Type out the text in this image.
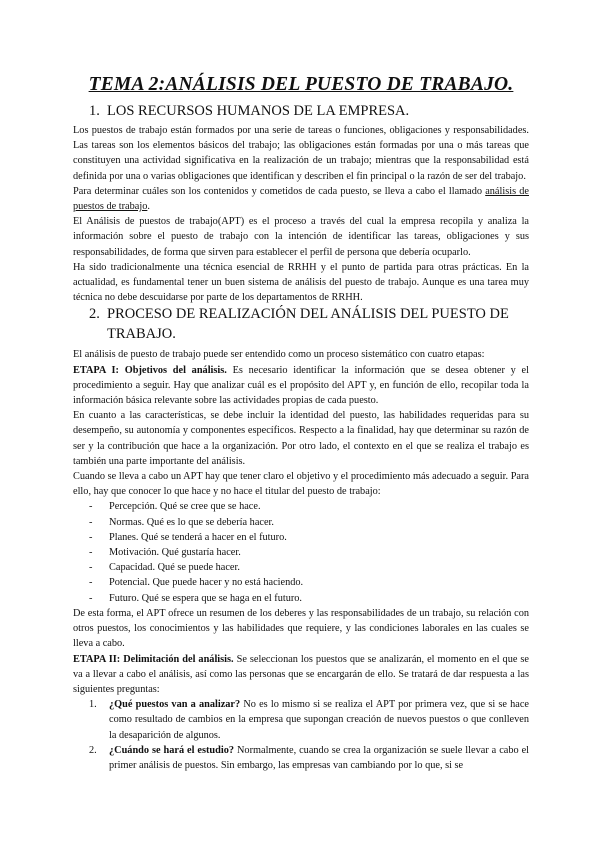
TEMA 2:ANÁLISIS DEL PUESTO DE TRABAJO.
1. LOS RECURSOS HUMANOS DE LA EMPRESA.

Los puestos de trabajo están formados por una serie de tareas o funciones, obligaciones y responsabilidades. Las tareas son los elementos básicos del trabajo; las obligaciones están formadas por una o más tareas que constituyen una actividad significativa en la realización de un trabajo; mientras que la responsabilidad está definida por una o varias obligaciones que identifican y describen el fin principal o la razón de ser del trabajo.

Para determinar cuáles son los contenidos y cometidos de cada puesto, se lleva a cabo el llamado análisis de puestos de trabajo.

El Análisis de puestos de trabajo(APT) es el proceso a través del cual la empresa recopila y analiza la información sobre el puesto de trabajo con la intención de identificar las tareas, obligaciones y sus responsabilidades, de forma que sirven para establecer el perfil de persona que debería ocuparlo.

Ha sido tradicionalmente una técnica esencial de RRHH y el punto de partida para otras prácticas. En la actualidad, es fundamental tener un buen sistema de análisis del puesto de trabajo. Aunque es una tarea muy técnica no debe descuidarse por parte de los departamentos de RRHH.

2. PROCESO DE REALIZACIÓN DEL ANÁLISIS DEL PUESTO DE TRABAJO.

El análisis de puesto de trabajo puede ser entendido como un proceso sistemático con cuatro etapas:

ETAPA I: Objetivos del análisis. Es necesario identificar la información que se desea obtener y el procedimiento a seguir. Hay que analizar cuál es el propósito del APT y, en función de ello, recopilar toda la información básica relevante sobre las actividades propias de cada puesto.

En cuanto a las características, se debe incluir la identidad del puesto, las habilidades requeridas para su desempeño, su autonomía y componentes específicos. Respecto a la finalidad, hay que determinar su razón de ser y la contribución que hace a la organización. Por otro lado, el contexto en el que se realiza el trabajo es también una parte importante del análisis.

Cuando se lleva a cabo un APT hay que tener claro el objetivo y el procedimiento más adecuado a seguir. Para ello, hay que conocer lo que hace y no hace el titular del puesto de trabajo:

- Percepción. Qué se cree que se hace.
- Normas. Qué es lo que se debería hacer.
- Planes. Qué se tenderá a hacer en el futuro.
- Motivación. Qué gustaría hacer.
- Capacidad. Qué se puede hacer.
- Potencial. Que puede hacer y no está haciendo.
- Futuro. Qué se espera que se haga en el futuro.

De esta forma, el APT ofrece un resumen de los deberes y las responsabilidades de un trabajo, su relación con otros puestos, los conocimientos y las habilidades que requiere, y las condiciones laborales en las cuales se lleva a cabo.

ETAPA II: Delimitación del análisis. Se seleccionan los puestos que se analizarán, el momento en el que se va a llevar a cabo el análisis, así como las personas que se encargarán de ello. Se tratará de dar respuesta a las siguientes preguntas:

1. ¿Qué puestos van a analizar? No es lo mismo si se realiza el APT por primera vez, que si se hace como resultado de cambios en la empresa que supongan creación de nuevos puestos o que conlleven la desaparición de algunos.
2. ¿Cuándo se hará el estudio? Normalmente, cuando se crea la organización se suele llevar a cabo el primer análisis de puestos. Sin embargo, las empresas van cambiando por lo que, si se
